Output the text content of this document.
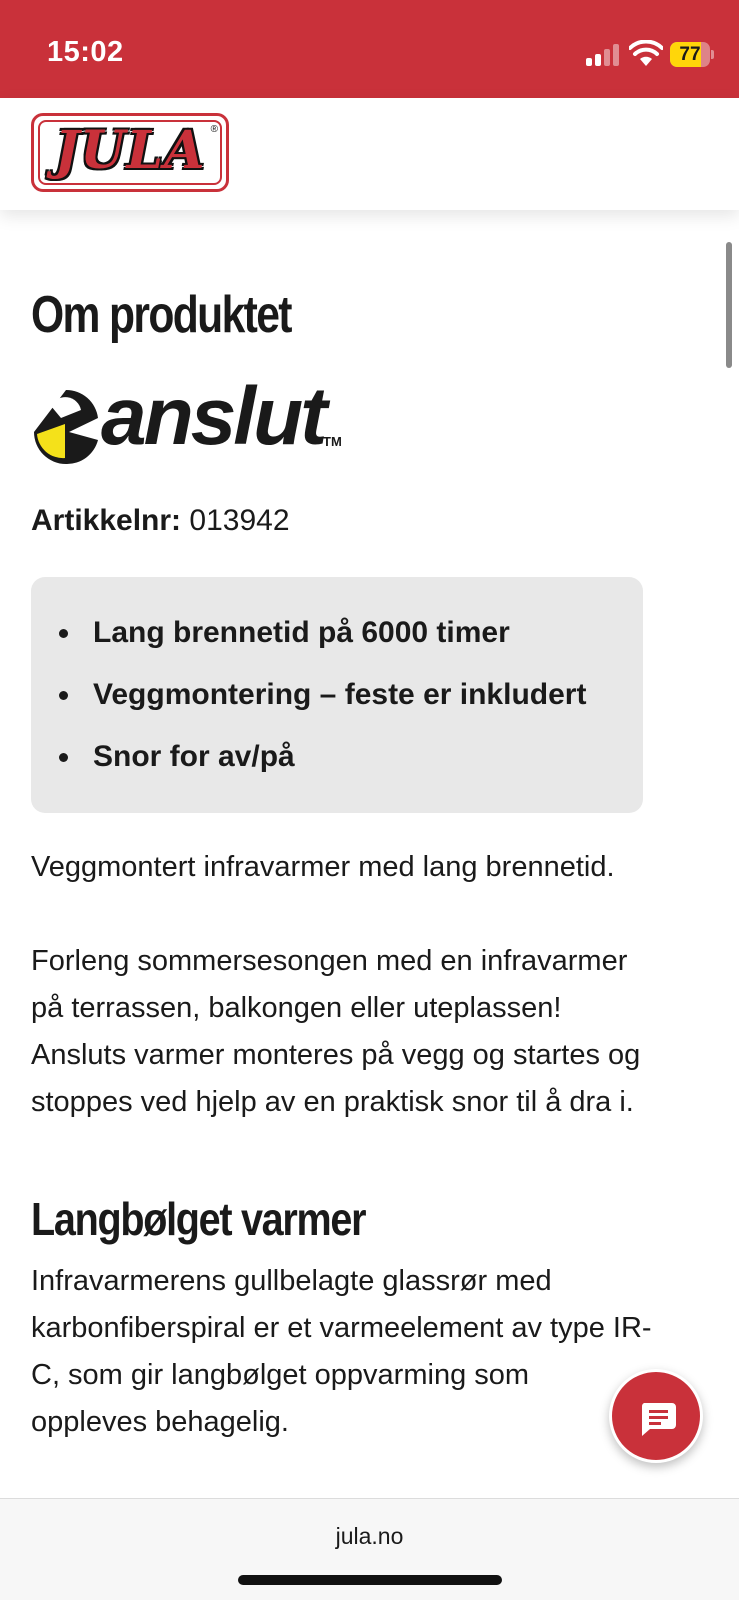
15:02	77
JULA ®
Om produktet
anslut
TM
Artikkelnr: 013942
Lang brennetid på 6000 timer
Veggmontering – feste er inkludert
Snor for av/på

Veggmontert infravarmer med lang brennetid.

Forleng sommersesongen med en infravarmer

på terrassen, balkongen eller uteplassen!

Ansluts varmer monteres på vegg og startes og

stoppes ved hjelp av en praktisk snor til å dra i.

Langbølget varmer

Infravarmerens gullbelagte glassrør med

karbonfiberspiral er et varmeelement av type IR-

C, som gir langbølget oppvarming som

oppleves behagelig.

jula.no
